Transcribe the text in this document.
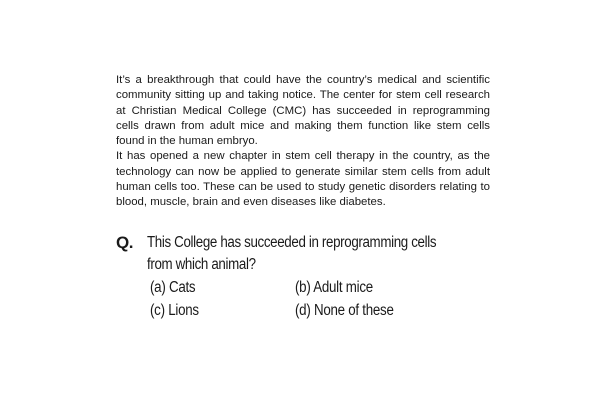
It’s a breakthrough that could have the country’s medical and scientific community sitting up and taking notice. The center for stem cell research at Christian Medical College (CMC) has succeeded in reprogramming cells drawn from adult mice and making them function like stem cells found in the human embryo.

It has opened a new chapter in stem cell therapy in the country, as the technology can now be applied to generate similar stem cells from adult human cells too. These can be used to study genetic disorders relating to blood, muscle, brain and even diseases like diabetes.

Q. This College has succeeded in reprogramming cells from which animal?
(a) Cats	(b) Adult mice
(c) Lions	(d) None of these
